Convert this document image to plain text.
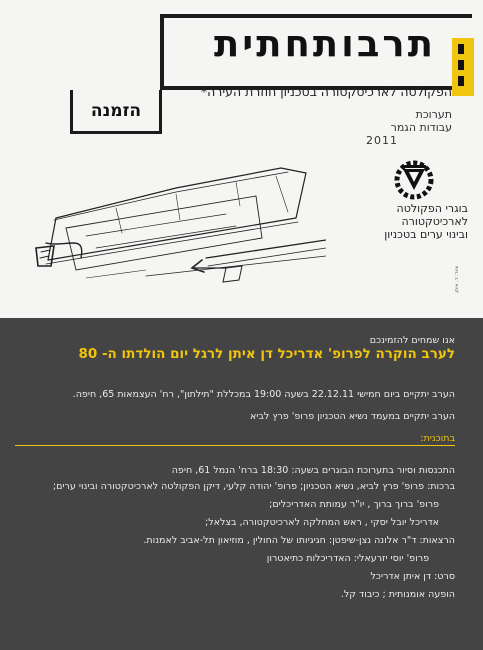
תרבותחתית
הפקולטה לארכיטקטורה בטכניון חוזרת העירה*
הזמנה	תערוכת
עבודות הגמר
2011
בוגרי הפקולטה
לארכיטקטורה
ובינוי ערים בטכניון
ציור: ד. איתן
אנו שמחים להזמינכם
לערב הוקרה לפרופ' אדריכל דן איתן לרגל יום הולדתו ה- 80
הערב יתקיים ביום חמישי 22.12.11 בשעה 19:00 במכללת "תילתון", רח' העצמאות 65, חיפה.
הערב יתקיים במעמד נשיא הטכניון פרופ' פרץ לביא
בתוכנית:
התכנסות וסיור בתערוכת הבוגרים בשעה: 18:30 ברח' הנמל 61, חיפה
ברכות: פרופ' פרץ לביא, נשיא הטכניון; פרופ' יהודה קלעי, דיקן הפקולטה לארכיטקטורה ובינוי ערים;
פרופ' ברוך ברוך , יו"ר עמותת האדריכלים;
אדריכל יובל יסקי , ראש המחלקה לארכיטקטורה, בצלאל;
הרצאות: ד"ר אלונה נצן-שיפטן: חגיגיותו של החולין , מוזיאון תל-אביב לאמנות.
פרופ' יוסי יזרעאלי: האדריכלות כתיאטרון
סרט: דן איתן אדריכל
הופעה אומנותית ; כיבוד קל.
